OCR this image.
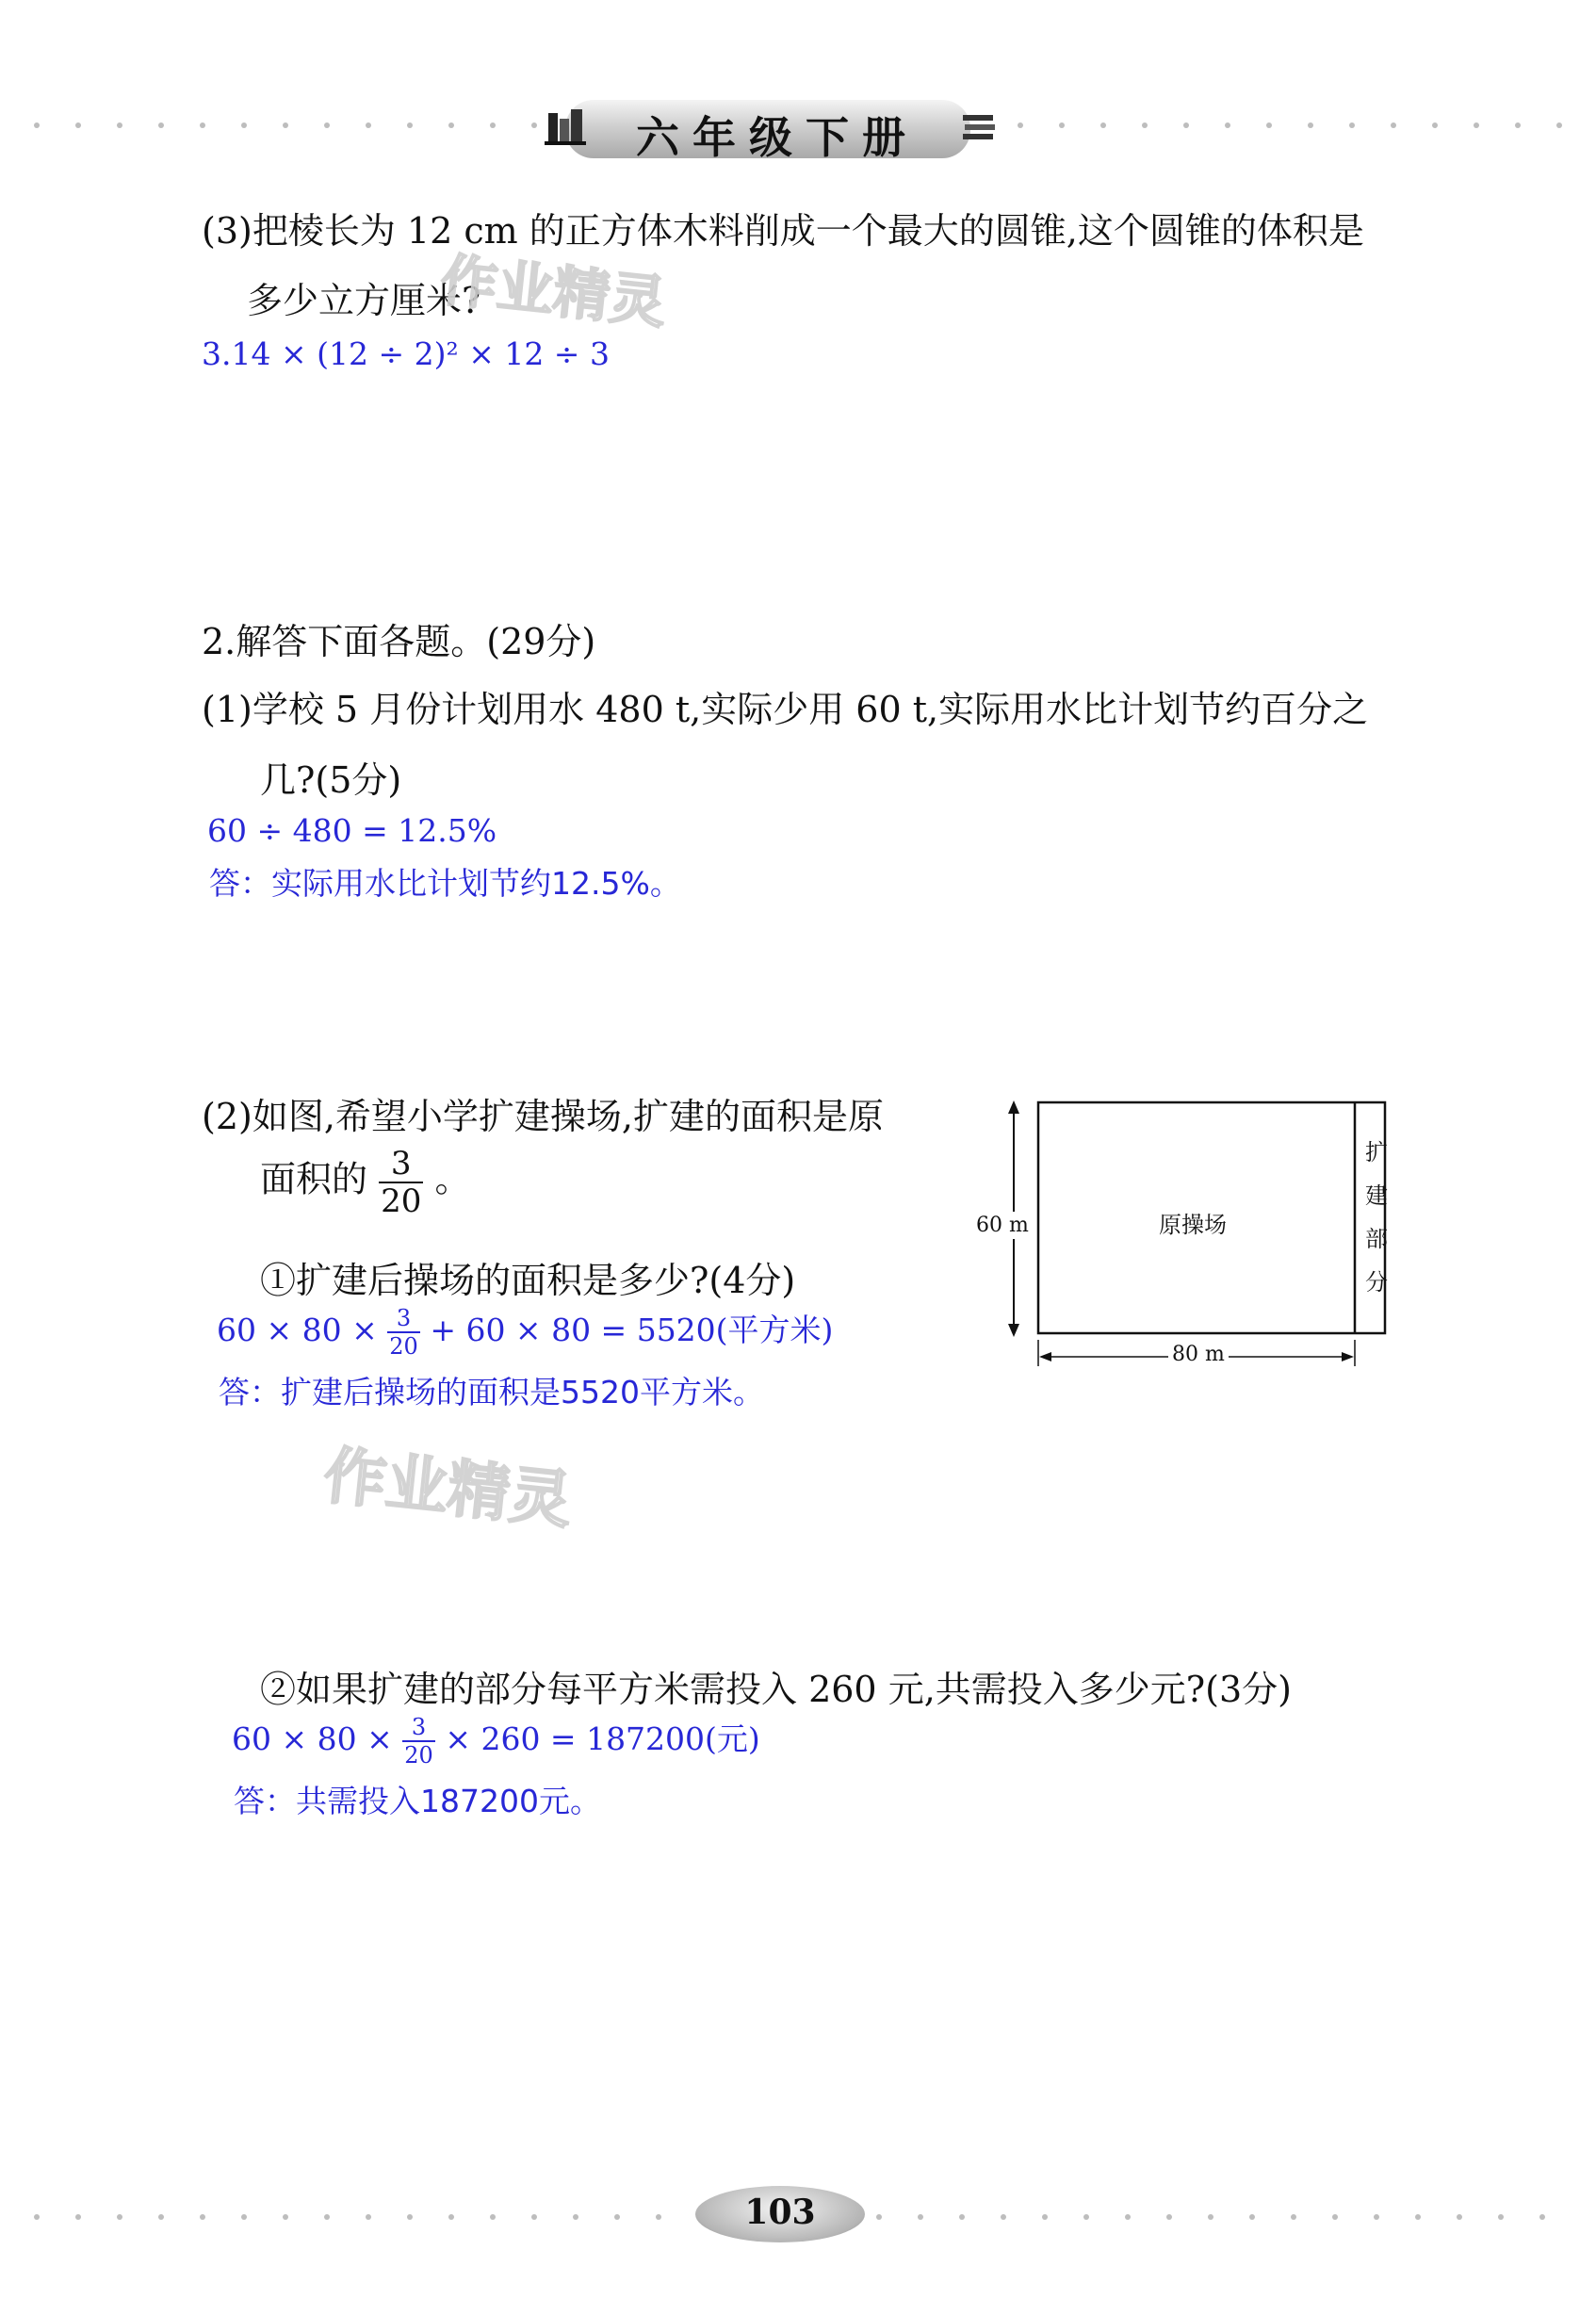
六年级下册
(3)把棱长为 12 cm 的正方体木料削成一个最大的圆锥,这个圆锥的体积是
多少立方厘米?
作业精灵
3.14 × (12 ÷ 2)² × 12 ÷ 3
2.解答下面各题。(29分)
(1)学校 5 月份计划用水 480 t,实际少用 60 t,实际用水比计划节约百分之
几?(5分)
60 ÷ 480 = 12.5%
答：实际用水比计划节约12.5%。
(2)如图,希望小学扩建操场,扩建的面积是原
面积的 $\frac{3}{20}$ 。
①扩建后操场的面积是多少?(4分)
$60 \times 80 \times \frac{3}{20} + 60 \times 80 = 5520$(平方米)
答：扩建后操场的面积是5520平方米。
作业精灵
60 m	原操场
80 m
扩
建
部
分
②如果扩建的部分每平方米需投入 260 元,共需投入多少元?(3分)
$60 \times 80 \times \frac{3}{20} \times 260 = 187200$(元)
答：共需投入187200元。
103
